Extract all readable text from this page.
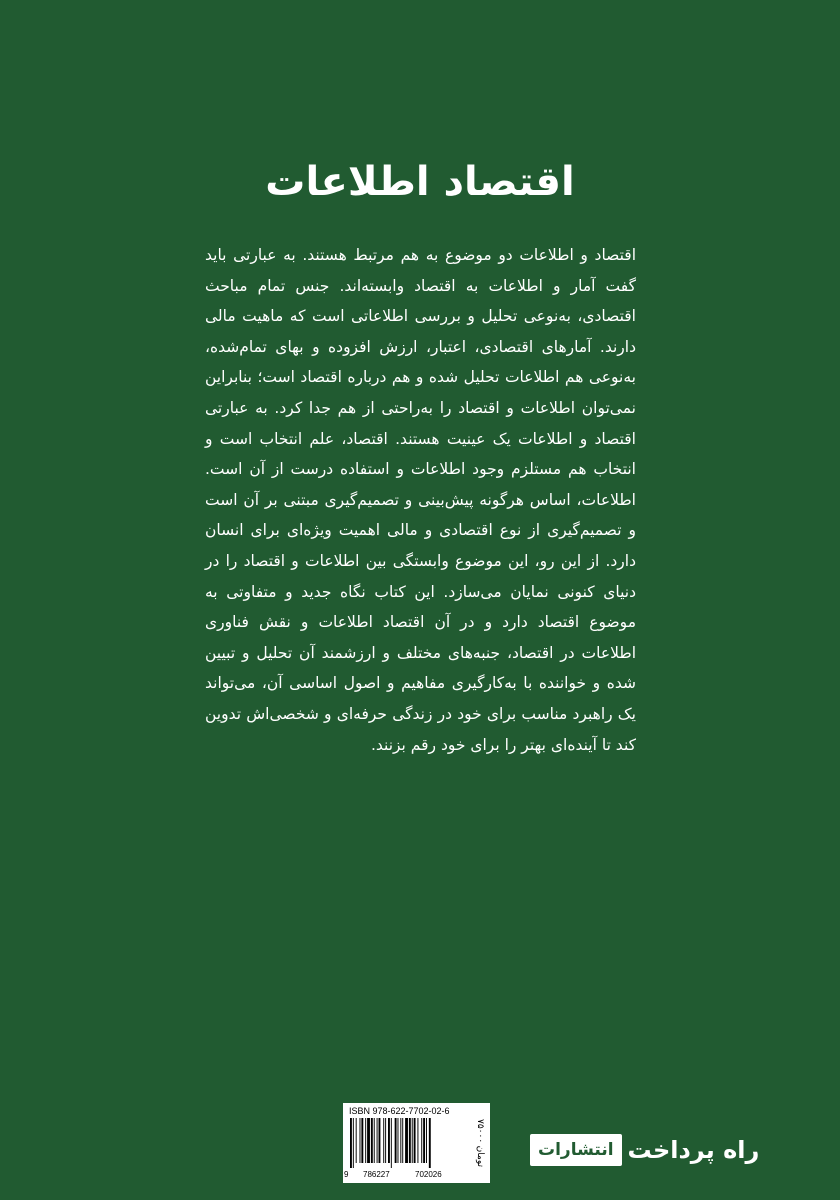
اقتصاد اطلاعات
اقتصاد و اطلاعات دو موضوع به هم مرتبط هستند. به عبارتی باید گفت آمار و اطلاعات به اقتصاد وابسته‌اند. جنس تمام مباحث اقتصادی، به‌نوعی تحلیل و بررسی اطلاعاتی است که ماهیت مالی دارند. آمارهای اقتصادی، اعتبار، ارزش افزوده و بهای تمام‌شده، به‌نوعی هم اطلاعات تحلیل شده و هم درباره اقتصاد است؛ بنابراین نمی‌توان اطلاعات و اقتصاد را به‌راحتی از هم جدا کرد. به عبارتی اقتصاد و اطلاعات یک عینیت هستند. اقتصاد، علم انتخاب است و انتخاب هم مستلزم وجود اطلاعات و استفاده درست از آن است. اطلاعات، اساس هرگونه پیش‌بینی و تصمیم‌گیری مبتنی بر آن است و تصمیم‌گیری از نوع اقتصادی و مالی اهمیت ویژه‌ای برای انسان دارد. از این رو، این موضوع وابستگی بین اطلاعات و اقتصاد را در دنیای کنونی نمایان می‌سازد. این کتاب نگاه جدید و متفاوتی به موضوع اقتصاد دارد و در آن اقتصاد اطلاعات و نقش فناوری اطلاعات در اقتصاد، جنبه‌های مختلف و ارزشمند آن تحلیل و تبیین شده و خواننده با به‌کارگیری مفاهیم و اصول اساسی آن، می‌تواند یک راهبرد مناسب برای خود در زندگی حرفه‌ای و شخصی‌اش تدوین کند تا آینده‌ای بهتر را برای خود رقم بزنند.
ISBN 978-622-7702-02-6
9 786227	702026
۷۵۰۰۰ تومان	انتشارات راه پرداخت
